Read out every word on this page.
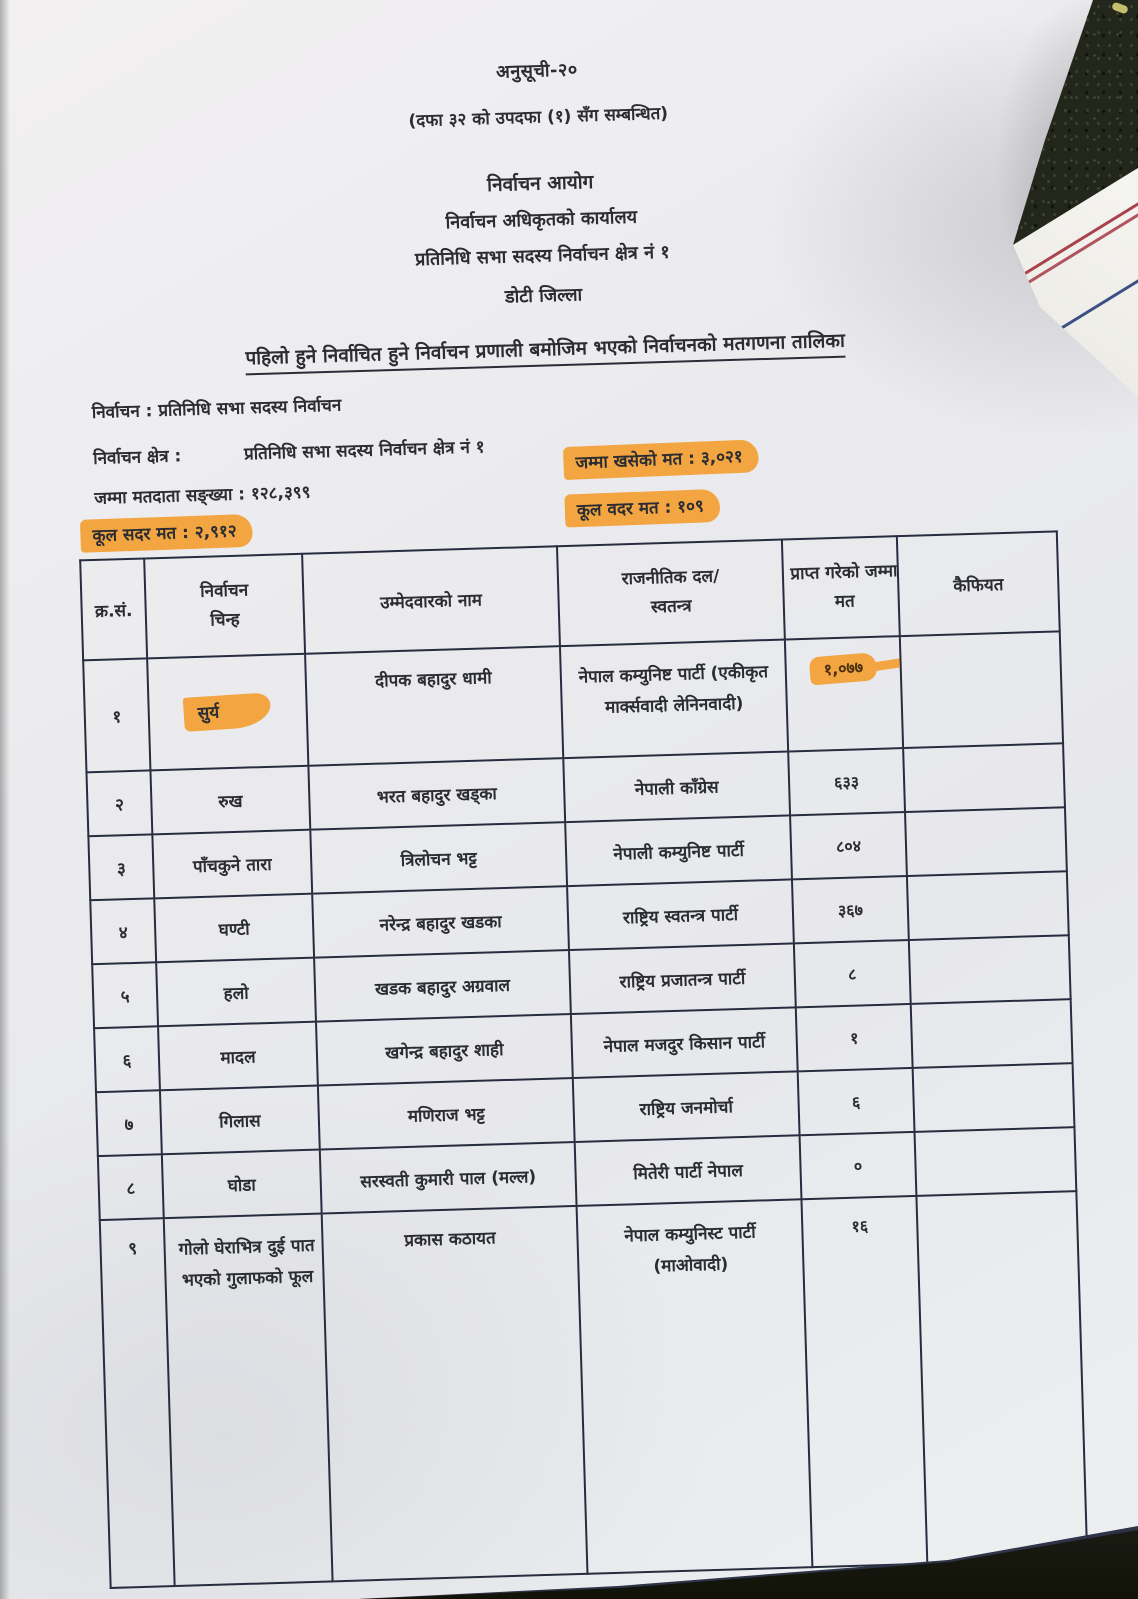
अनुसूची-२०
(दफा ३२ को उपदफा (१) सँग सम्बन्धित)
निर्वाचन आयोग
निर्वाचन अधिकृतको कार्यालय
प्रतिनिधि सभा सदस्य निर्वाचन क्षेत्र नं १
डोटी जिल्ला
पहिलो हुने निर्वाचित हुने निर्वाचन प्रणाली बमोजिम भएको निर्वाचनको मतगणना तालिका
निर्वाचन : प्रतिनिधि सभा सदस्य निर्वाचन
निर्वाचन क्षेत्र :	प्रतिनिधि सभा सदस्य निर्वाचन क्षेत्र नं १
जम्मा मतदाता सङ्ख्या : १२८,३९९
जम्मा खसेको मत : ३,०२१
कूल वदर मत : १०९
कूल सदर मत : २,९१२
क्र.सं.	निर्वाचन चिन्ह	उम्मेदवारको नाम	राजनीतिक दल/स्वतन्त्र	प्राप्त गरेको जम्मा मत	कैफियत
१	सुर्य	दीपक बहादुर धामी	नेपाल कम्युनिष्ट पार्टी (एकीकृत मार्क्सवादी लेनिनवादी)	१,०७७	
२	रुख	भरत बहादुर खड्का	नेपाली काँग्रेस	६३३	
३	पाँचकुने तारा	त्रिलोचन भट्ट	नेपाली कम्युनिष्ट पार्टी	८०४	
४	घण्टी	नरेन्द्र बहादुर खडका	राष्ट्रिय स्वतन्त्र पार्टी	३६७	
५	हलो	खडक बहादुर अग्रवाल	राष्ट्रिय प्रजातन्त्र पार्टी	८	
६	मादल	खगेन्द्र बहादुर शाही	नेपाल मजदुर किसान पार्टी	१	
७	गिलास	मणिराज भट्ट	राष्ट्रिय जनमोर्चा	६	
८	घोडा	सरस्वती कुमारी पाल (मल्ल)	मितेरी पार्टी नेपाल	०	
९	गोलो घेराभित्र दुई पात भएको गुलाफको फूल	प्रकास कठायत	नेपाल कम्युनिस्ट पार्टी (माओवादी)	१६	
